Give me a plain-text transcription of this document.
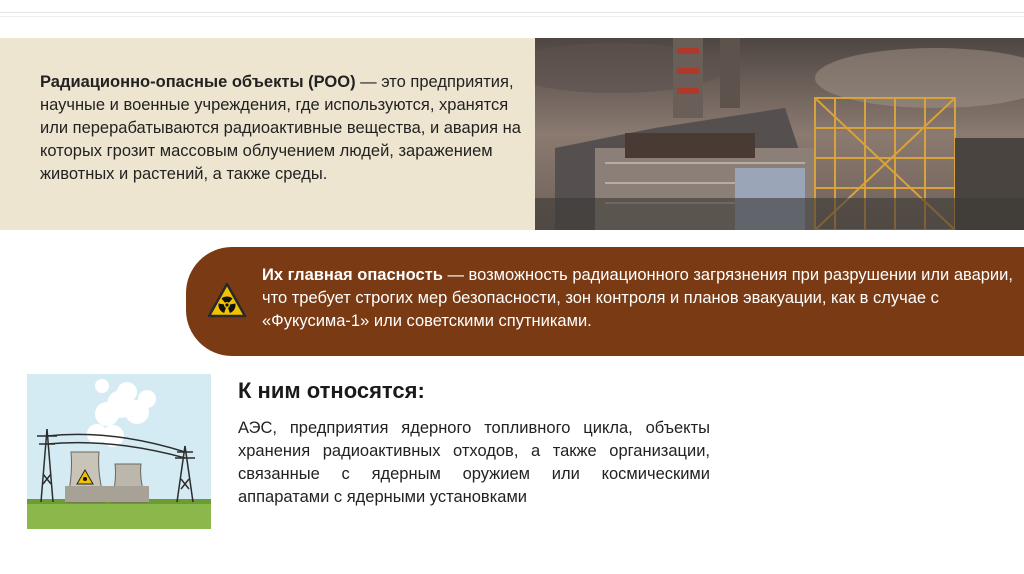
Радиационно-опасные объекты (РОО) — это предприятия, научные и военные учреждения, где используются, хранятся или перерабатываются радиоактивные вещества, и авария на которых грозит массовым облучением людей, заражением животных и растений, а также среды.
Их главная опасность — возможность радиационного загрязнения при разрушении или аварии, что требует строгих мер безопасности, зон контроля и планов эвакуации, как в случае с «Фукусима-1» или советскими спутниками.
К ним относятся:
АЭС, предприятия ядерного топливного цикла, объекты хранения радиоактивных отходов, а также организации, связанные с ядерным оружием или космическими аппаратами с ядерными установками
